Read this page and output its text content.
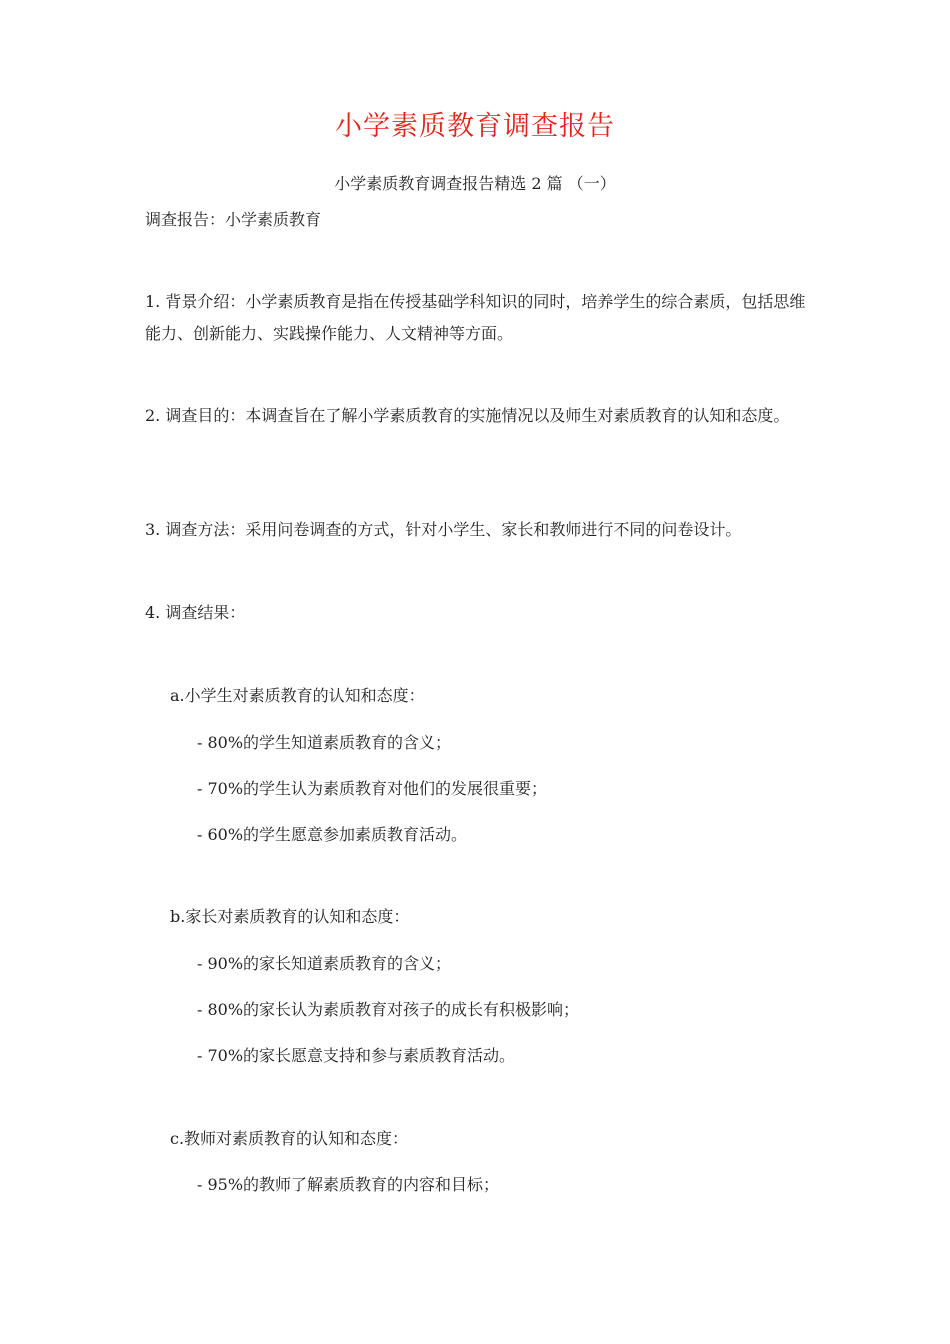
小学素质教育调查报告
小学素质教育调查报告精选 2 篇 （一）
调查报告：小学素质教育
1. 背景介绍：小学素质教育是指在传授基础学科知识的同时，培养学生的综合素质，包括思维能力、创新能力、实践操作能力、人文精神等方面。
2. 调查目的：本调查旨在了解小学素质教育的实施情况以及师生对素质教育的认知和态度。
3. 调查方法：采用问卷调查的方式，针对小学生、家长和教师进行不同的问卷设计。
4. 调查结果：
a.小学生对素质教育的认知和态度：
- 80%的学生知道素质教育的含义；
- 70%的学生认为素质教育对他们的发展很重要；
- 60%的学生愿意参加素质教育活动。
b.家长对素质教育的认知和态度：
- 90%的家长知道素质教育的含义；
- 80%的家长认为素质教育对孩子的成长有积极影响；
- 70%的家长愿意支持和参与素质教育活动。
c.教师对素质教育的认知和态度：
- 95%的教师了解素质教育的内容和目标；
